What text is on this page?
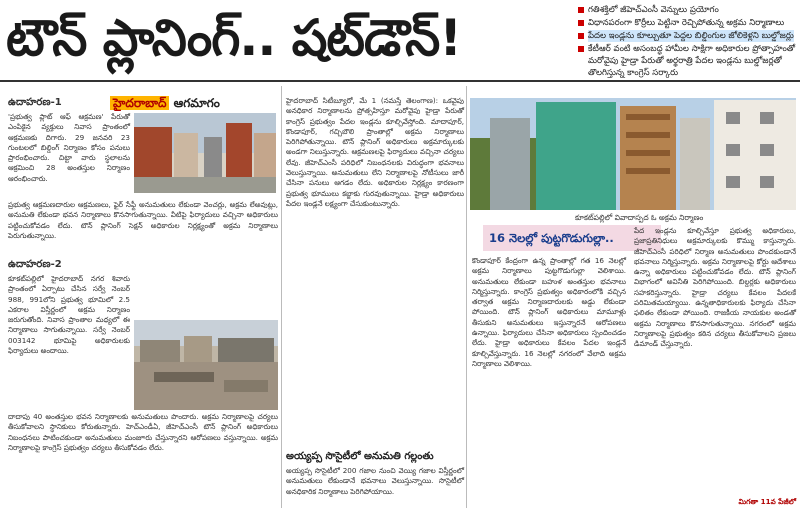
టౌన్ ప్లానింగ్.. షట్‌డౌన్!	గతిశక్తిలో జీహెచ్‌ఎంసీ వెన్నులు ప్రయోగం
విధానపరంగా కొర్రీలు పెట్టినా రెచ్చిపోతున్న అక్రమ నిర్మాణాలు
పేదల ఇండ్లను కూల్చుతూ పెద్దల బిల్డింగుల జోలికెళ్లని బుల్డోజర్లు
కేటీఆర్ వంటి అసంబద్ధ హామీల సాక్షిగా అధికారుల ప్రోత్సాహంతో మరోవైపు హైడ్రా పేరుతో అర్థరాత్రి పేదల ఇండ్లను బుల్డోజర్లతో తొలగిస్తున్న కాంగ్రెస్ సర్కారు
ఉదాహరణ-1	హైదరాబాద్ ఆగమాగం
'ప్రభుత్వ ప్లాట్ ఆఫ్ ఆక్రమణ' పేరుతో ఎంపికైన వ్యక్తులు నివాస ప్రాంతంలో ఆక్రమణకు దిగారు. 29 జనవరి 23 గుంటలలో బిల్డింగ్ నిర్మాణం కోసం పనులు ప్రారంభించారు. చిట్టా వారు స్థలాలను ఆక్రమించి 28 అంతస్తుల నిర్మాణం ఆరంభించారు.
ప్రభుత్వ ఆక్రమణదారుల ఆక్రమణలు, ఫైర్ సేఫ్టీ అనుమతులు లేకుండా వెంచర్లు, అక్రమ లేఅవుట్లు, అనుమతి లేకుండా భవన నిర్మాణాలు కొనసాగుతున్నాయి. వీటిపై ఫిర్యాదులు వచ్చినా అధికారులు పట్టించుకోవడం లేదు. టౌన్ ప్లానింగ్ సెక్షన్ అధికారుల నిర్లక్ష్యంతో అక్రమ నిర్మాణాలు పెరుగుతున్నాయి.
ఉదాహరణ-2
కూకట్‌పల్లిలో హైదరాబాద్ నగర శివారు ప్రాంతంలో ఏర్పాటు చేసిన సర్వే నెంబర్ 988, 991లోని ప్రభుత్వ భూమిలో 2.5 ఎకరాల విస్తీర్ణంలో అక్రమ నిర్మాణం జరుగుతోంది. నివాస ప్రాంతాల మధ్యలో ఈ నిర్మాణాలు సాగుతున్నాయి. సర్వే నెంబర్ 003142 భూమిపై అధికారులకు ఫిర్యాదులు అందాయి.
దాదాపు 40 అంతస్తుల భవన నిర్మాణాలకు అనుమతులు పొందారు. అక్రమ నిర్మాణాలపై చర్యలు తీసుకోవాలని స్థానికులు కోరుతున్నారు. హెచ్‌ఎండీఏ, జీహెచ్‌ఎంసీ టౌన్ ప్లానింగ్ అధికారులు నిబంధనలు పాటించకుండా అనుమతులు మంజూరు చేస్తున్నారని ఆరోపణలు వస్తున్నాయి. అక్రమ నిర్మాణాలపై కాంగ్రెస్ ప్రభుత్వం చర్యలు తీసుకోవడం లేదు.
హైదరాబాద్ సిటీబ్యూరో, మే 1 (నమస్తే తెలంగాణ): ఒకవైపు అనధికార నిర్మాణాలను ప్రోత్సహిస్తూ మరోవైపు హైడ్రా పేరుతో కాంగ్రెస్ ప్రభుత్వం పేదల ఇండ్లను కూల్చివేస్తోంది. మాదాపూర్, కొండాపూర్, గచ్చిబౌలి ప్రాంతాల్లో అక్రమ నిర్మాణాలు పెరిగిపోతున్నాయి. టౌన్ ప్లానింగ్ అధికారులు అక్రమార్కులకు అండగా నిలుస్తున్నారు. ఆక్రమణలపై ఫిర్యాదులు వచ్చినా చర్యలు లేవు. జీహెచ్‌ఎంసీ పరిధిలో నిబంధనలకు విరుద్ధంగా భవనాలు వెలుస్తున్నాయి. అనుమతులు లేని నిర్మాణాలపై నోటీసులు జారీ చేసినా పనులు ఆగడం లేదు. అధికారుల నిర్లక్ష్యం కారణంగా ప్రభుత్వ భూములు కబ్జాకు గురవుతున్నాయి. హైడ్రా అధికారులు పేదల ఇండ్లనే లక్ష్యంగా చేసుకుంటున్నారు.
అయ్యప్ప సొసైటీలో అనుమతి గల్లంతు
అయ్యప్ప సొసైటీలో 200 గజాల నుంచి వెయ్యి గజాల విస్తీర్ణంలో అనుమతులు లేకుండానే భవనాలు వెలుస్తున్నాయి. సొసైటీలో అనధికారిక నిర్మాణాలు పెరిగిపోయాయి.
కూకట్‌పల్లిలో వివాదాస్పద ఓ అక్రమ నిర్మాణం
16 నెలల్లో పుట్టగొడుగుల్లా..
కొండాపూర్ కేంద్రంగా ఉన్న ప్రాంతాల్లో గత 16 నెలల్లో అక్రమ నిర్మాణాలు పుట్టగొడుగుల్లా వెలిశాయి. అనుమతులు లేకుండా బహుళ అంతస్తుల భవనాలు నిర్మిస్తున్నారు. కాంగ్రెస్ ప్రభుత్వం అధికారంలోకి వచ్చిన తర్వాత అక్రమ నిర్మాణదారులకు అడ్డు లేకుండా పోయింది. టౌన్ ప్లానింగ్ అధికారులు మామూళ్లు తీసుకుని అనుమతులు ఇస్తున్నారనే ఆరోపణలు ఉన్నాయి. ఫిర్యాదులు చేసినా అధికారులు స్పందించడం లేదు. హైడ్రా అధికారులు కేవలం పేదల ఇండ్లనే కూల్చివేస్తున్నారు. 16 నెలల్లో నగరంలో వేలాది అక్రమ నిర్మాణాలు వెలిశాయి.
పేద ఇండ్లను కూల్చివేస్తూ ప్రభుత్వ అధికారులు, ప్రజాప్రతినిధులు అక్రమార్కులకు కొమ్ము కాస్తున్నారు. జీహెచ్‌ఎంసీ పరిధిలో నిర్మాణ అనుమతులు పొందకుండానే భవనాలు నిర్మిస్తున్నారు. అక్రమ నిర్మాణాలపై కోర్టు ఆదేశాలు ఉన్నా అధికారులు పట్టించుకోవడం లేదు. టౌన్ ప్లానింగ్ విభాగంలో అవినీతి పెరిగిపోయింది. బిల్డర్లకు అధికారులు సహకరిస్తున్నారు. హైడ్రా చర్యలు కేవలం పేదలకే పరిమితమయ్యాయి. ఉన్నతాధికారులకు ఫిర్యాదు చేసినా ఫలితం లేకుండా పోయింది. రాజకీయ నాయకుల అండతో అక్రమ నిర్మాణాలు కొనసాగుతున్నాయి. నగరంలో అక్రమ నిర్మాణాలపై ప్రభుత్వం కఠిన చర్యలు తీసుకోవాలని ప్రజలు డిమాండ్ చేస్తున్నారు.
మిగతా 11వ పేజీలో
